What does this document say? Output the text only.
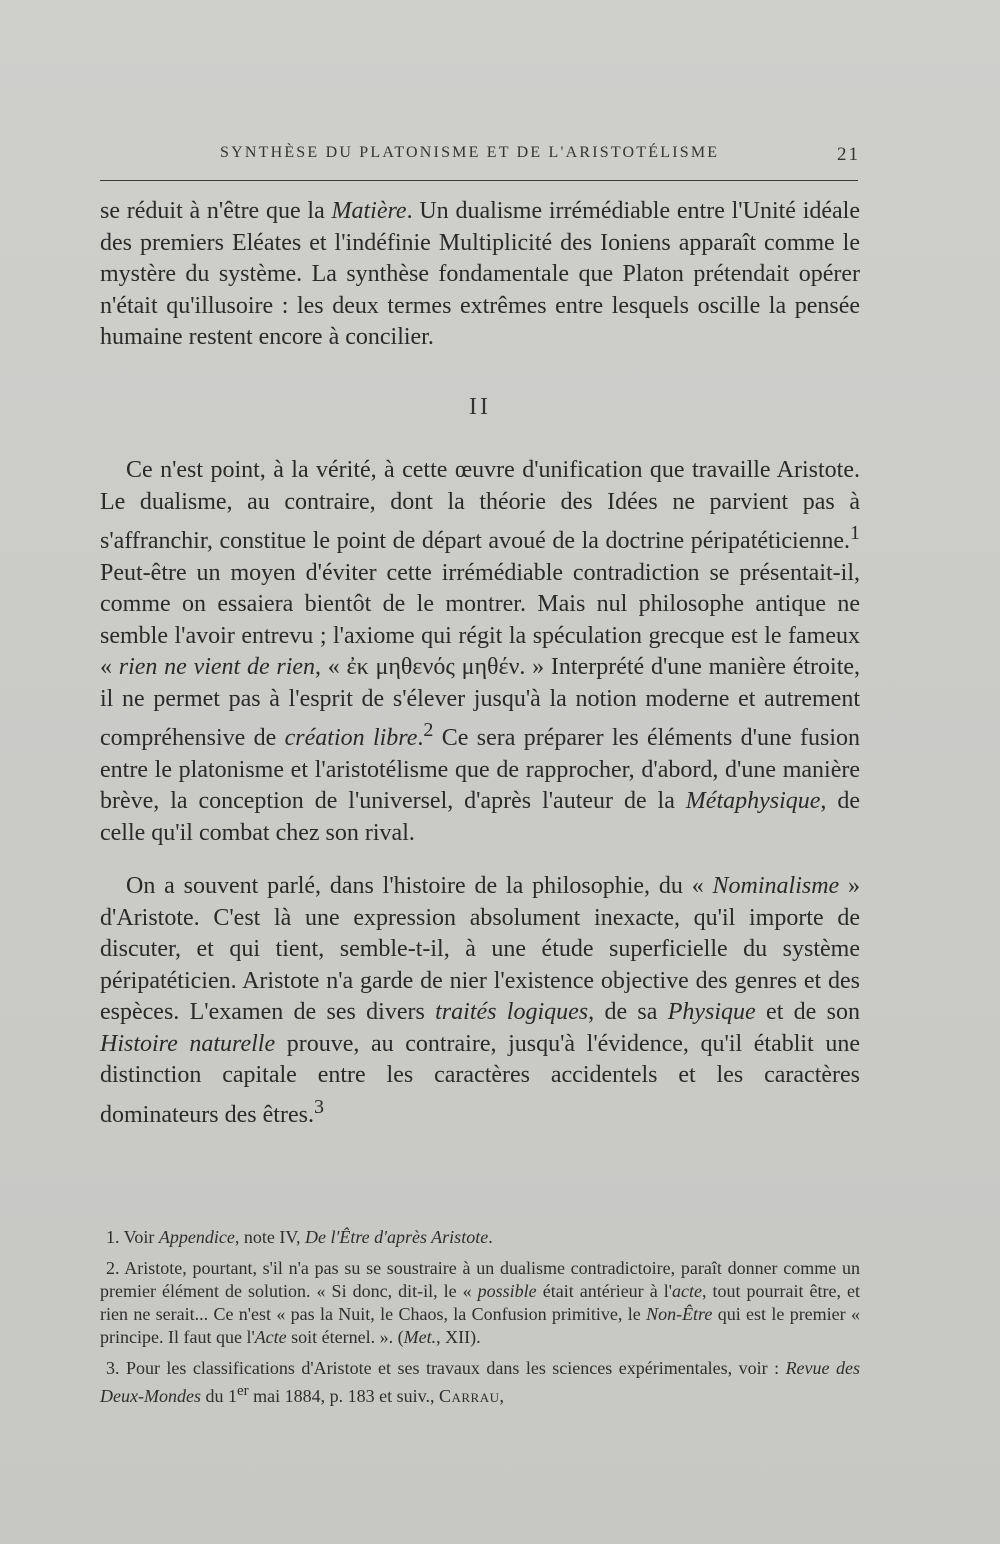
SYNTHÈSE DU PLATONISME ET DE L'ARISTOTÉLISME	21

se réduit à n'être que la Matière. Un dualisme irrémédiable entre l'Unité idéale des premiers Eléates et l'indéfinie Multiplicité des Ioniens apparaît comme le mystère du système. La synthèse fondamentale que Platon prétendait opérer n'était qu'illusoire : les deux termes extrêmes entre lesquels oscille la pensée humaine restent encore à concilier.

II

Ce n'est point, à la vérité, à cette œuvre d'unification que travaille Aristote. Le dualisme, au contraire, dont la théorie des Idées ne parvient pas à s'affranchir, constitue le point de départ avoué de la doctrine péripatéticienne.$^1$ Peut-être un moyen d'éviter cette irrémédiable contradiction se présentait-il, comme on essaiera bientôt de le montrer. Mais nul philosophe antique ne semble l'avoir entrevu ; l'axiome qui régit la spéculation grecque est le fameux « rien ne vient de rien, « ἐκ μηθενός μηθέν. » Interprété d'une manière étroite, il ne permet pas à l'esprit de s'élever jusqu'à la notion moderne et autrement compréhensive de création libre.$^2$ Ce sera préparer les éléments d'une fusion entre le platonisme et l'aristotélisme que de rapprocher, d'abord, d'une manière brève, la conception de l'universel, d'après l'auteur de la Métaphysique, de celle qu'il combat chez son rival.

On a souvent parlé, dans l'histoire de la philosophie, du « Nominalisme » d'Aristote. C'est là une expression absolument inexacte, qu'il importe de discuter, et qui tient, semble-t-il, à une étude superficielle du système péripatéticien. Aristote n'a garde de nier l'existence objective des genres et des espèces. L'examen de ses divers traités logiques, de sa Physique et de son Histoire naturelle prouve, au contraire, jusqu'à l'évidence, qu'il établit une distinction capitale entre les caractères accidentels et les caractères dominateurs des êtres.$^3$

1. Voir Appendice, note IV, De l'Être d'après Aristote.

2. Aristote, pourtant, s'il n'a pas su se soustraire à un dualisme contradictoire, paraît donner comme un premier élément de solution. « Si donc, dit-il, le « possible était antérieur à l'acte, tout pourrait être, et rien ne serait... Ce n'est « pas la Nuit, le Chaos, la Confusion primitive, le Non-Être qui est le premier « principe. Il faut que l'Acte soit éternel. ». (Met., XII).

3. Pour les classifications d'Aristote et ses travaux dans les sciences expérimentales, voir : Revue des Deux-Mondes du 1er mai 1884, p. 183 et suiv., Carrau,
